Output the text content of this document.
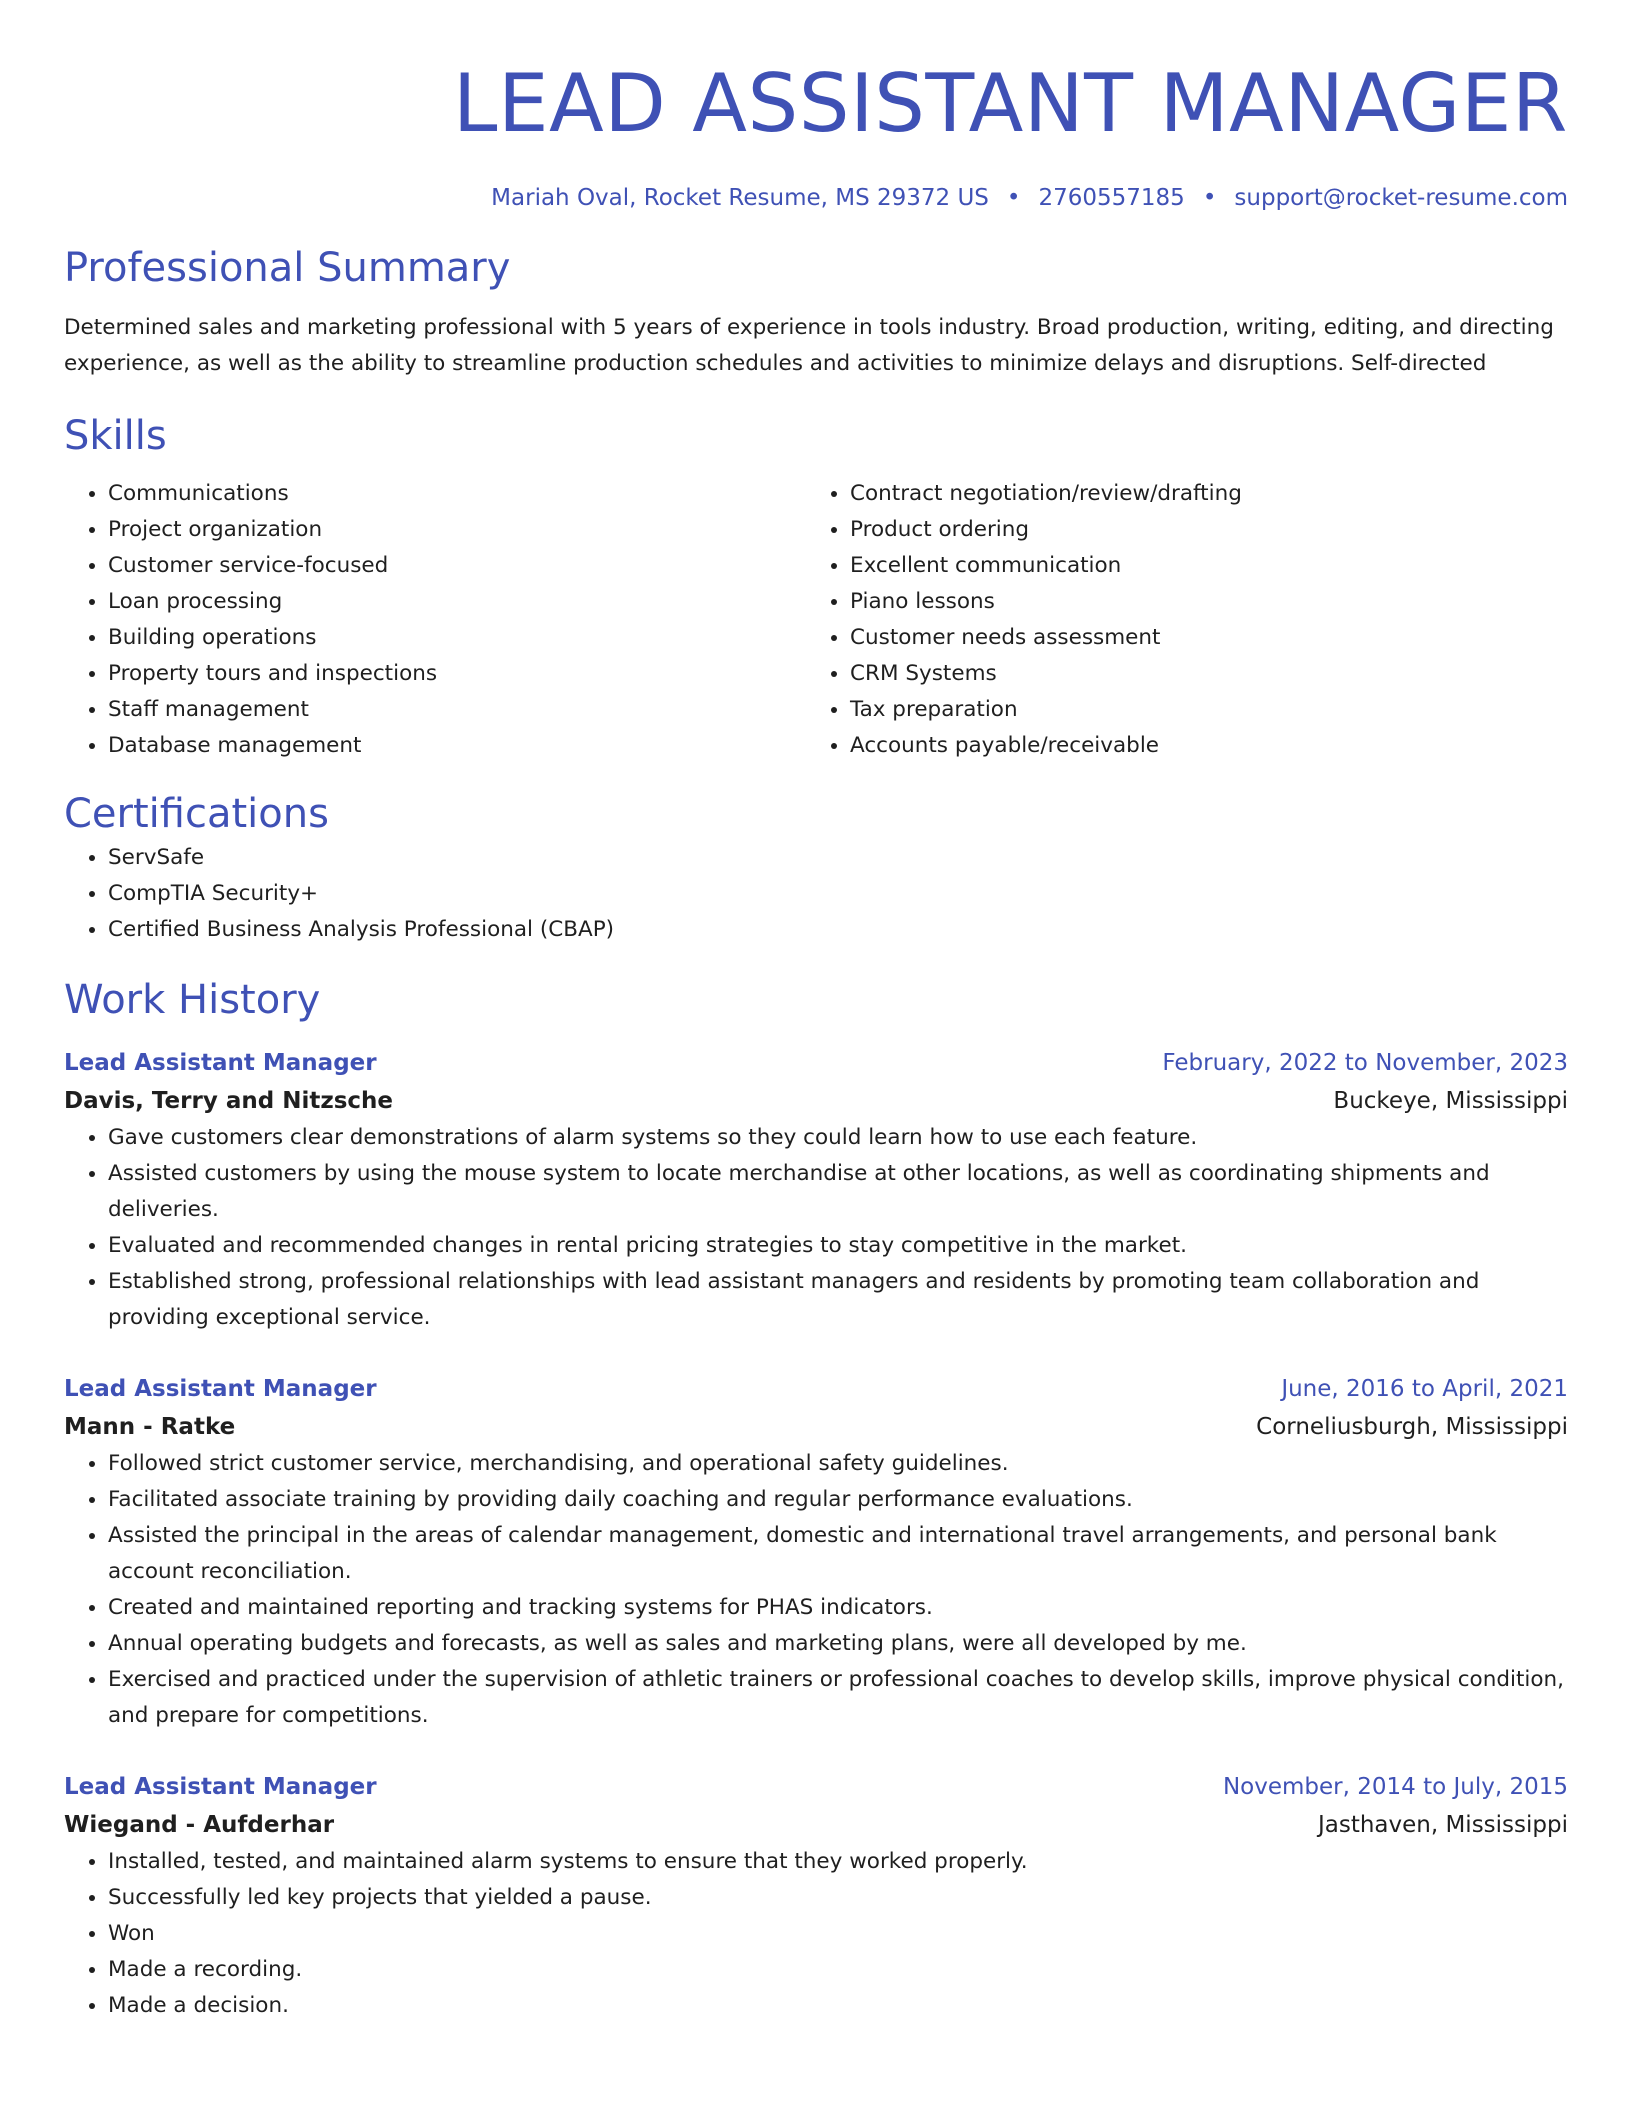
LEAD ASSISTANT MANAGER
Mariah Oval, Rocket Resume, MS 29372 US • 2760557185 • support@rocket-resume.com
Professional Summary

Determined sales and marketing professional with 5 years of experience in tools industry. Broad production, writing, editing, and directing experience, as well as the ability to streamline production schedules and activities to minimize delays and disruptions. Self-directed

Skills
• Communications
• Project organization
• Customer service-focused
• Loan processing
• Building operations
• Property tours and inspections
• Staff management
• Database management
• Contract negotiation/review/drafting
• Product ordering
• Excellent communication
• Piano lessons
• Customer needs assessment
• CRM Systems
• Tax preparation
• Accounts payable/receivable
Certifications
• ServSafe
• CompTIA Security+
• Certified Business Analysis Professional (CBAP)
Work History
Lead Assistant Manager	February, 2022 to November, 2023
Davis, Terry and Nitzsche	Buckeye, Mississippi
• Gave customers clear demonstrations of alarm systems so they could learn how to use each feature.
• Assisted customers by using the mouse system to locate merchandise at other locations, as well as coordinating shipments and deliveries.
• Evaluated and recommended changes in rental pricing strategies to stay competitive in the market.
• Established strong, professional relationships with lead assistant managers and residents by promoting team collaboration and providing exceptional service.
Lead Assistant Manager	June, 2016 to April, 2021
Mann - Ratke	Corneliusburgh, Mississippi
• Followed strict customer service, merchandising, and operational safety guidelines.
• Facilitated associate training by providing daily coaching and regular performance evaluations.
• Assisted the principal in the areas of calendar management, domestic and international travel arrangements, and personal bank account reconciliation.
• Created and maintained reporting and tracking systems for PHAS indicators.
• Annual operating budgets and forecasts, as well as sales and marketing plans, were all developed by me.
• Exercised and practiced under the supervision of athletic trainers or professional coaches to develop skills, improve physical condition, and prepare for competitions.
Lead Assistant Manager	November, 2014 to July, 2015
Wiegand - Aufderhar	Jasthaven, Mississippi
• Installed, tested, and maintained alarm systems to ensure that they worked properly.
• Successfully led key projects that yielded a pause.
• Won
• Made a recording.
• Made a decision.
